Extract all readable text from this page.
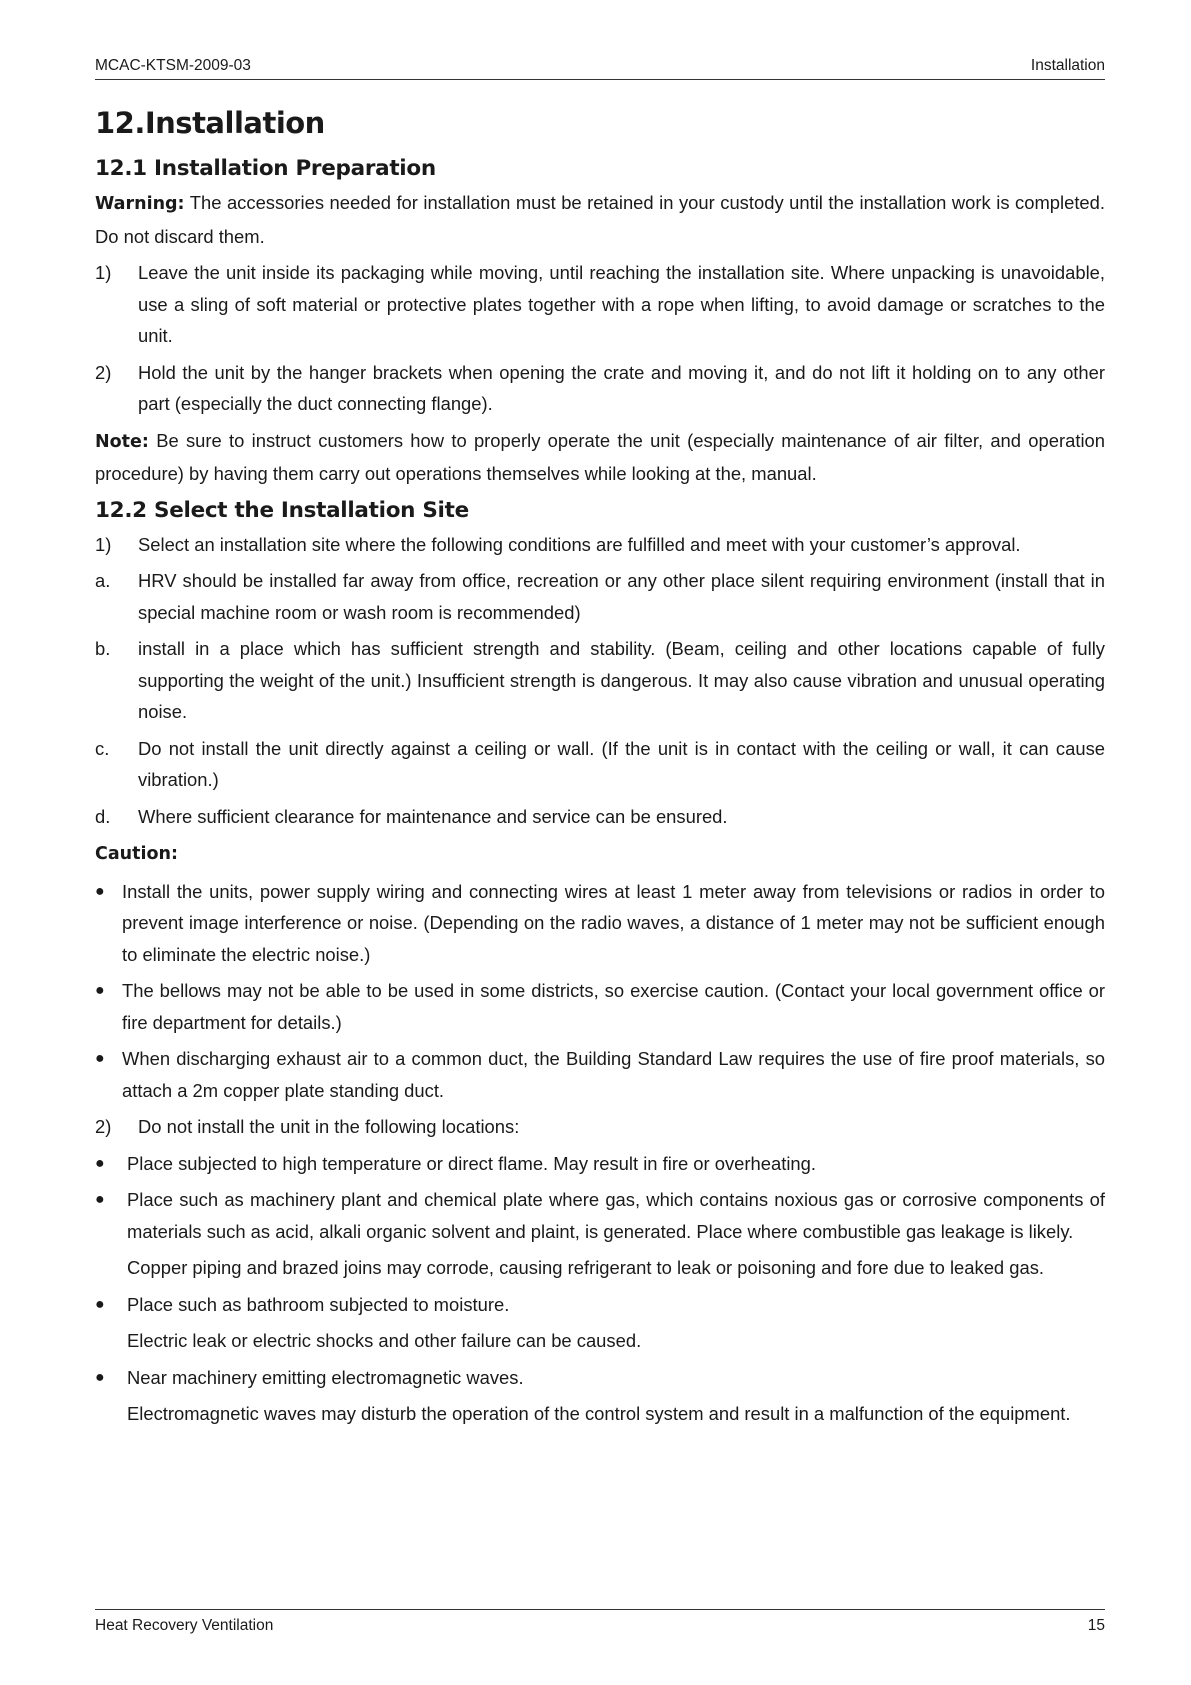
MCAC-KTSM-2009-03	Installation
12.Installation
12.1 Installation Preparation

Warning: The accessories needed for installation must be retained in your custody until the installation work is completed. Do not discard them.

1)	Leave the unit inside its packaging while moving, until reaching the installation site. Where unpacking is unavoidable, use a sling of soft material or protective plates together with a rope when lifting, to avoid damage or scratches to the unit.
2)	Hold the unit by the hanger brackets when opening the crate and moving it, and do not lift it holding on to any other part (especially the duct connecting flange).

Note: Be sure to instruct customers how to properly operate the unit (especially maintenance of air filter, and operation procedure) by having them carry out operations themselves while looking at the, manual.

12.2 Select the Installation Site
1)	Select an installation site where the following conditions are fulfilled and meet with your customer’s approval.
a.	HRV should be installed far away from office, recreation or any other place silent requiring environment (install that in special machine room or wash room is recommended)
b.	install in a place which has sufficient strength and stability. (Beam, ceiling and other locations capable of fully supporting the weight of the unit.) Insufficient strength is dangerous. It may also cause vibration and unusual operating noise.
c.	Do not install the unit directly against a ceiling or wall. (If the unit is in contact with the ceiling or wall, it can cause vibration.)
d.	Where sufficient clearance for maintenance and service can be ensured.

Caution:

● Install the units, power supply wiring and connecting wires at least 1 meter away from televisions or radios in order to prevent image interference or noise. (Depending on the radio waves, a distance of 1 meter may not be sufficient enough to eliminate the electric noise.)
● The bellows may not be able to be used in some districts, so exercise caution. (Contact your local government office or fire department for details.)
● When discharging exhaust air to a common duct, the Building Standard Law requires the use of fire proof materials, so attach a 2m copper plate standing duct.
2)	Do not install the unit in the following locations:
●	Place subjected to high temperature or direct flame. May result in fire or overheating.
●	Place such as machinery plant and chemical plate where gas, which contains noxious gas or corrosive components of materials such as acid, alkali organic solvent and plaint, is generated. Place where combustible gas leakage is likely.

Copper piping and brazed joins may corrode, causing refrigerant to leak or poisoning and fore due to leaked gas.

●	Place such as bathroom subjected to moisture.

Electric leak or electric shocks and other failure can be caused.

●	Near machinery emitting electromagnetic waves.

Electromagnetic waves may disturb the operation of the control system and result in a malfunction of the equipment.

Heat Recovery Ventilation	15
